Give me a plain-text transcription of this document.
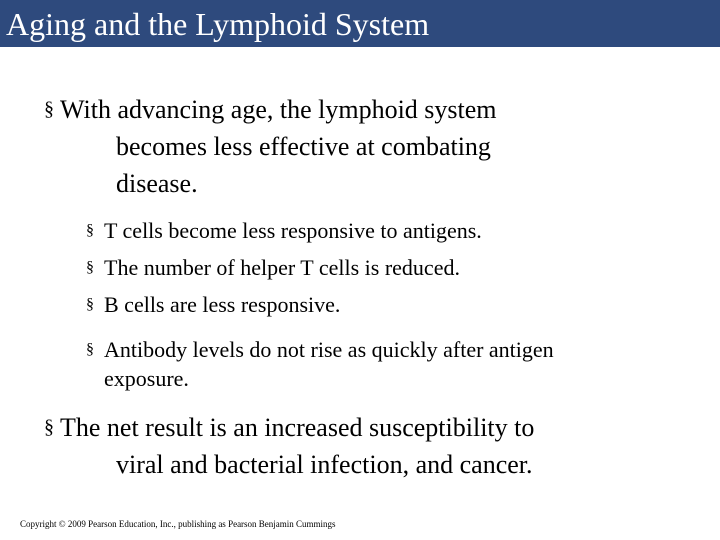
Aging and the Lymphoid System
§ With advancing age, the lymphoid system
becomes less effective at combating
disease.
§ T cells become less responsive to antigens.
§ The number of helper T cells is reduced.
§ B cells are less responsive.
§ Antibody levels do not rise as quickly after antigen
exposure.
§ The net result is an increased susceptibility to
viral and bacterial infection, and cancer.
Copyright © 2009 Pearson Education, Inc., publishing as Pearson Benjamin Cummings
